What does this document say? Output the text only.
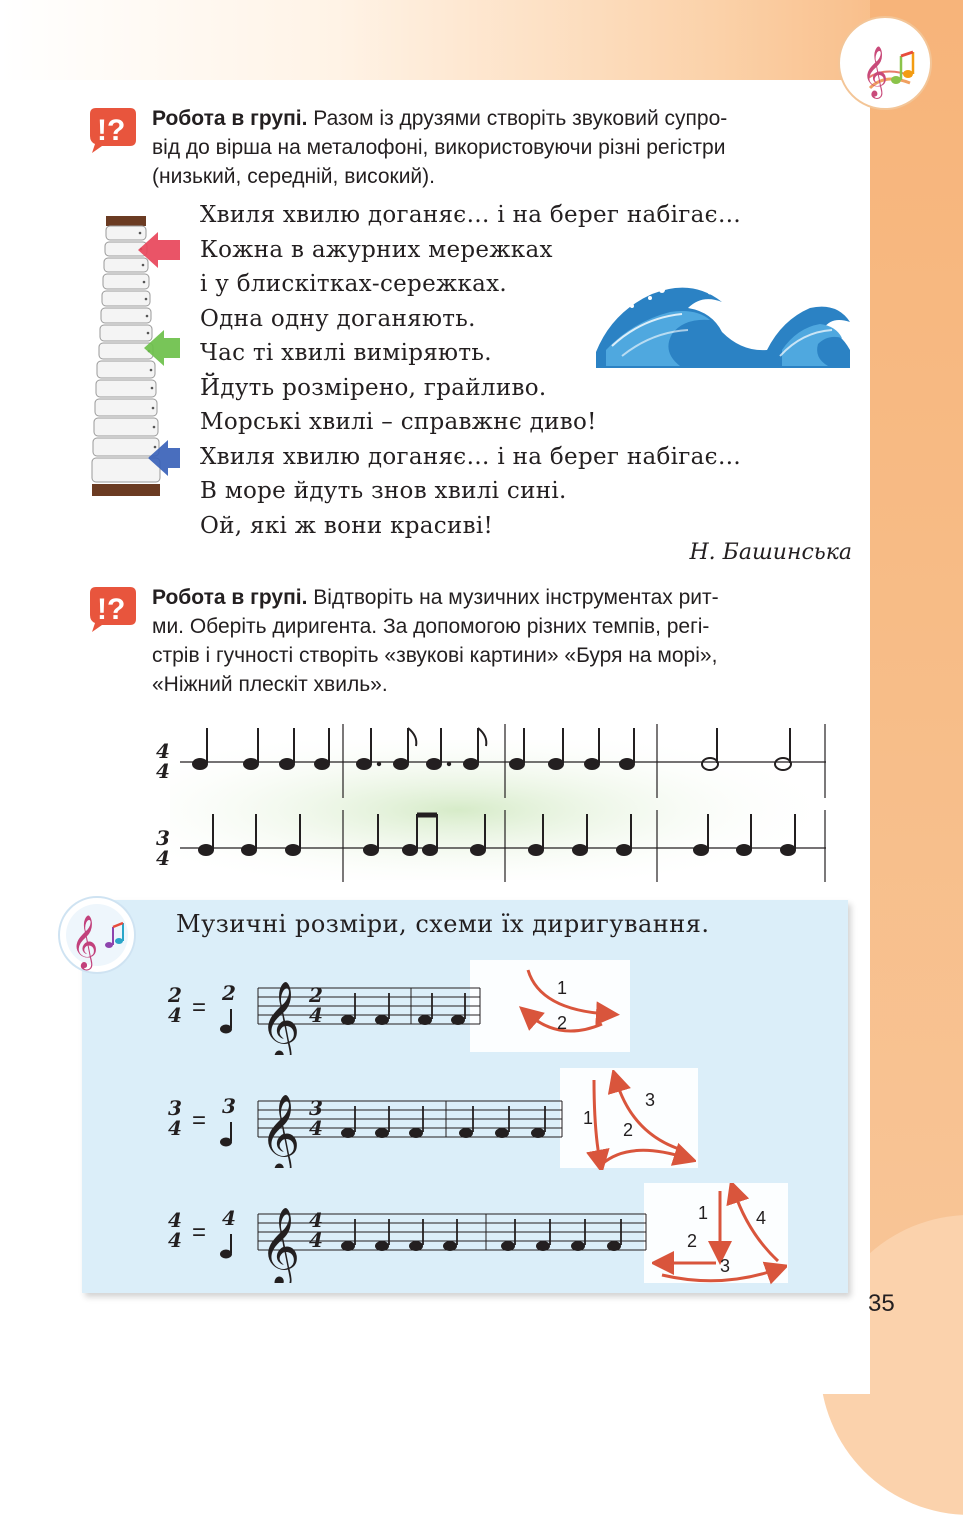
𝄞
!? Робота в групі. Разом із друзями створіть звуковий супро-
від до вірша на металофоні, використовуючи різні регістри
(низький, середній, високий).
Хвиля хвилю доганяє… і на берег набігає…
Кожна в ажурних мережках
і у блискітках-сережках.
Одна одну доганяють.
Час ті хвилі виміряють.
Йдуть розмірено, грайливо.
Морські хвилі – справжнє диво!
Хвиля хвилю доганяє… і на берег набігає…
В море йдуть знов хвилі сині.
Ой, які ж вони красиві!
Н. Башинська
!? Робота в групі. Відтворіть на музичних інструментах рит-
ми. Оберіть диригента. За допомогою різних темпів, регі-
стрів і гучності створіть «звукові картини» «Буря на морі»,
«Ніжний плескіт хвиль».
4
4
3
4
𝄞	Музичні розміри, схеми їх диригування.
2
4 =
2 𝄞 2
4
1
2
3
4 =
3 𝄞 3
4	1
2
3
4
4 =
4 𝄞 4
4
1
2
3
4
35
